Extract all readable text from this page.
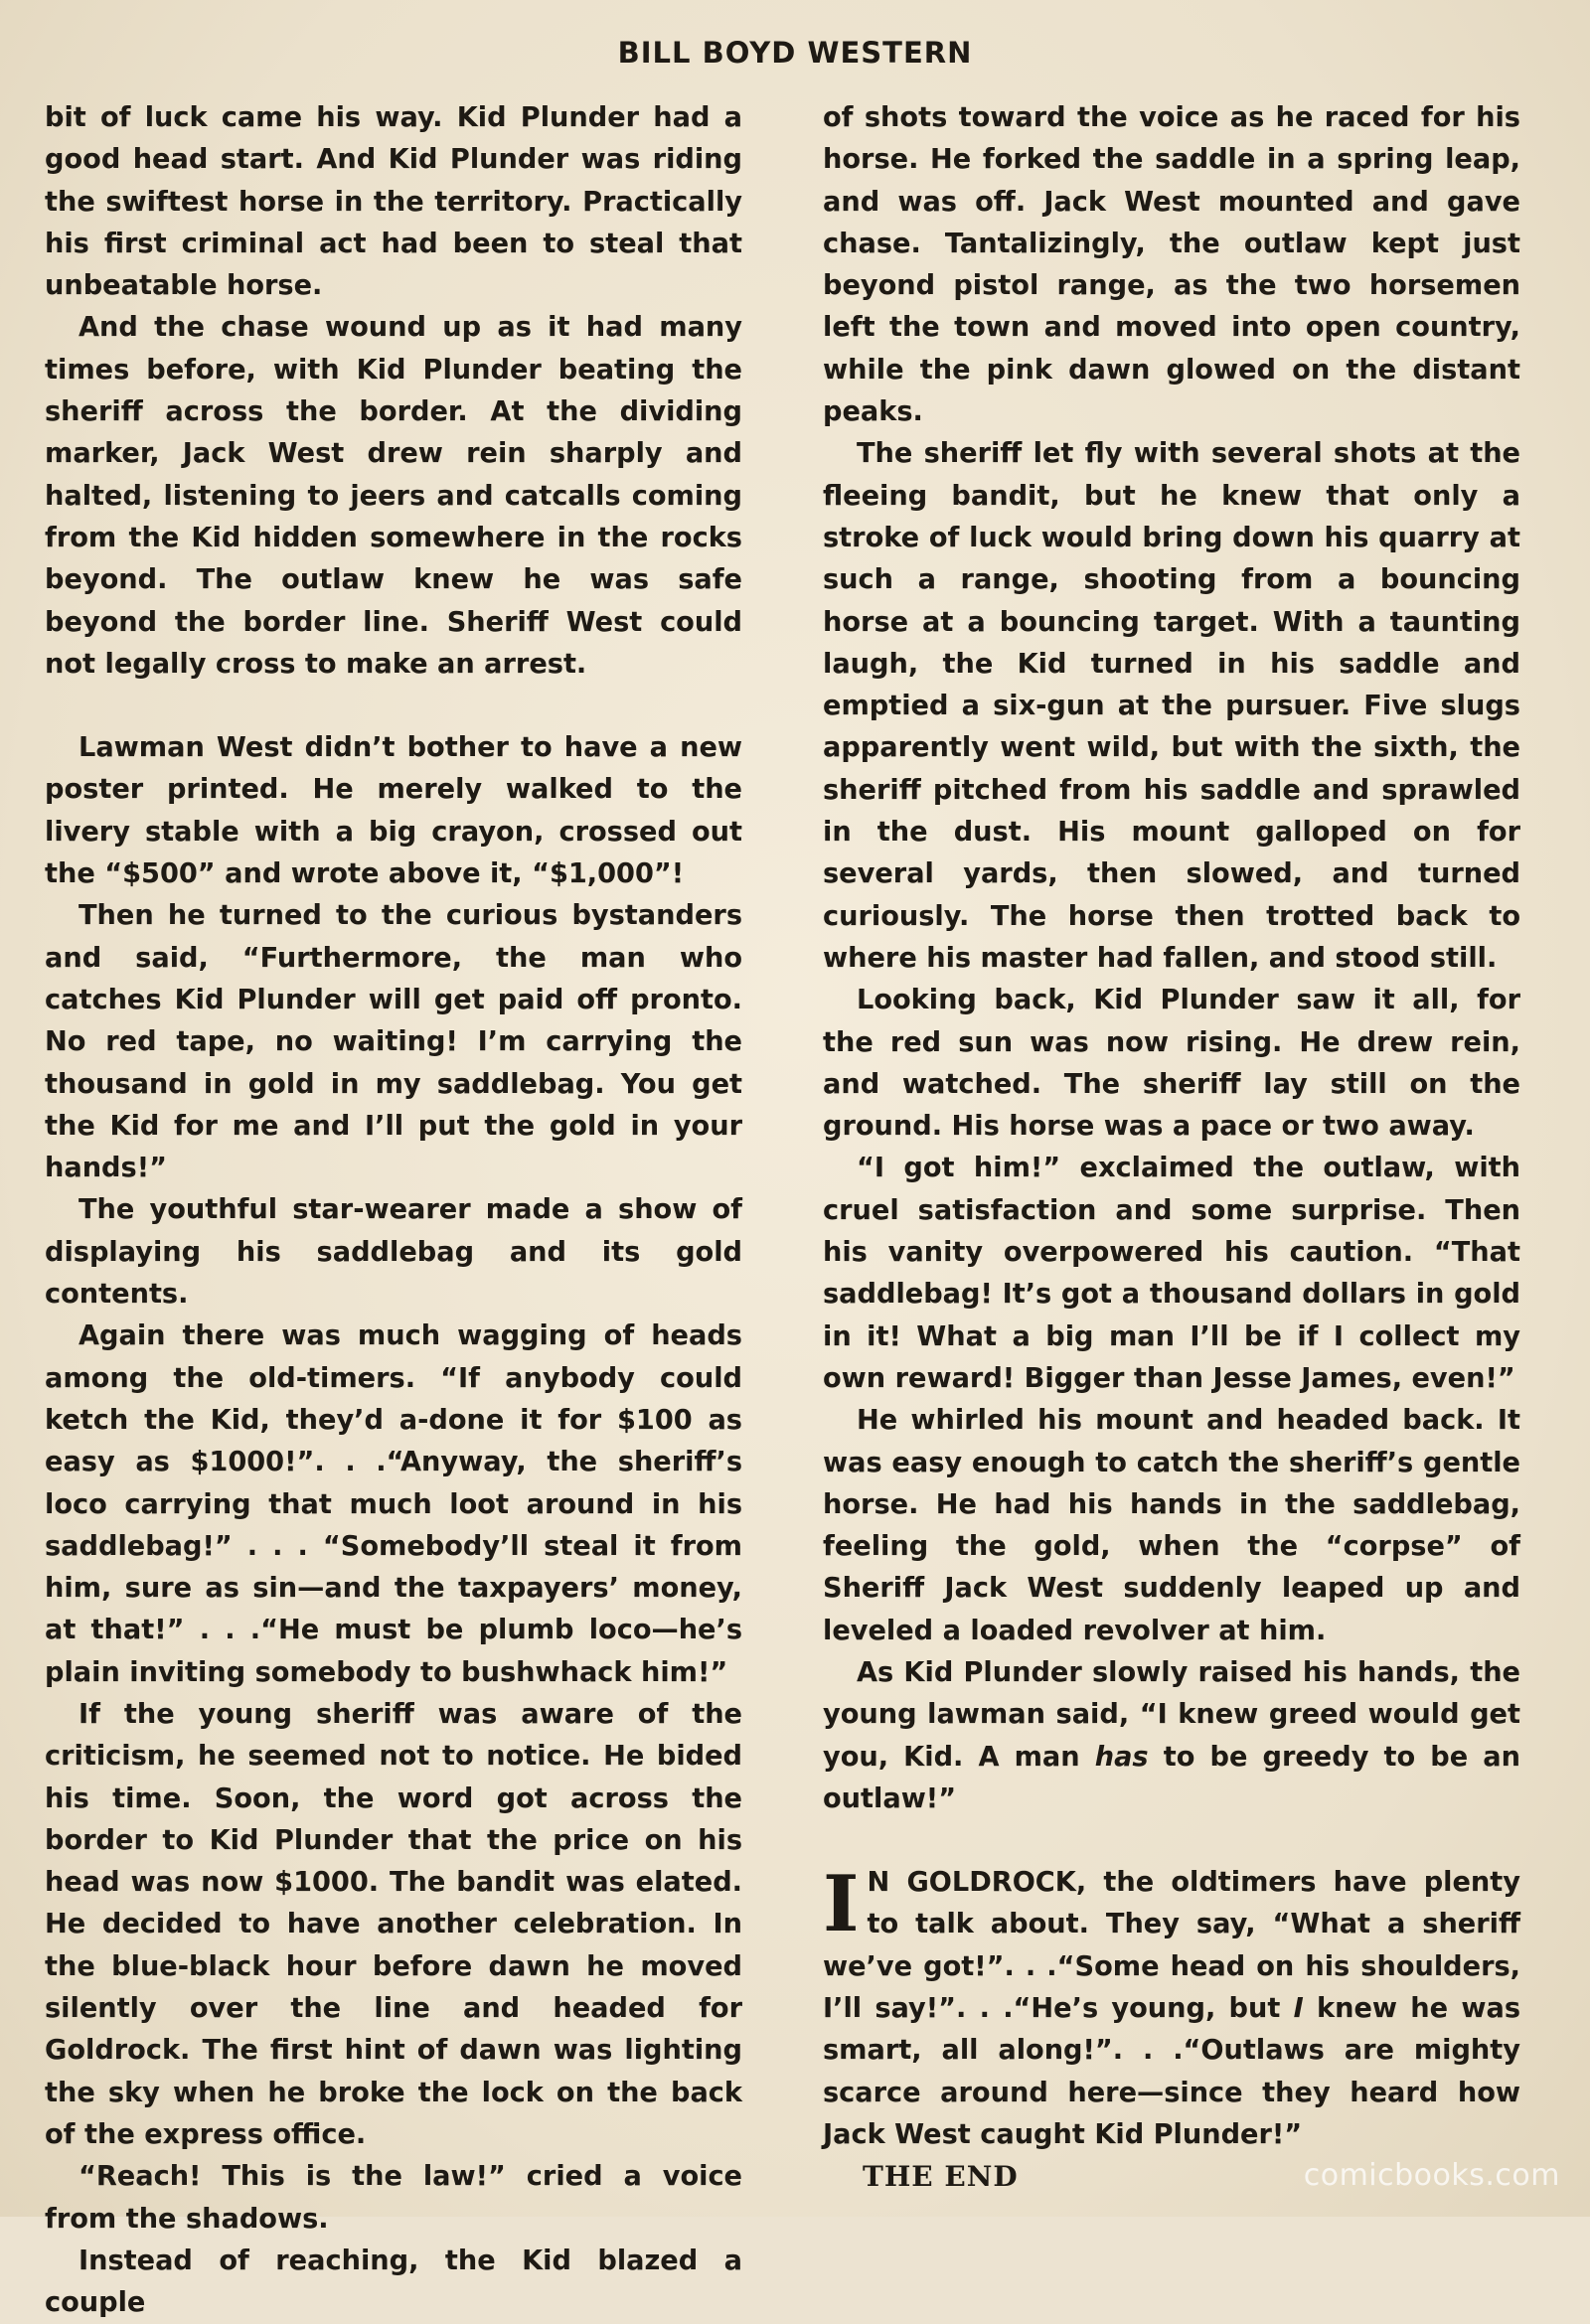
BILL BOYD WESTERN

bit of luck came his way. Kid Plunder had a good head start. And Kid Plunder was riding the swiftest horse in the territory. Practically his first criminal act had been to steal that unbeatable horse.

And the chase wound up as it had many times before, with Kid Plunder beating the sheriff across the border. At the dividing marker, Jack West drew rein sharply and halted, listening to jeers and catcalls coming from the Kid hidden somewhere in the rocks beyond. The outlaw knew he was safe beyond the border line. Sheriff West could not legally cross to make an arrest.

Lawman West didn’t bother to have a new poster printed. He merely walked to the livery stable with a big crayon, crossed out the “$500” and wrote above it, “$1,000”!

Then he turned to the curious bystanders and said, “Furthermore, the man who catches Kid Plunder will get paid off pronto. No red tape, no waiting! I’m carrying the thousand in gold in my saddlebag. You get the Kid for me and I’ll put the gold in your hands!”

The youthful star-wearer made a show of displaying his saddlebag and its gold contents.

Again there was much wagging of heads among the old-timers. “If anybody could ketch the Kid, they’d a-done it for $100 as easy as $1000!”. . .“Anyway, the sheriff’s loco carrying that much loot around in his saddlebag!” . . . “Somebody’ll steal it from him, sure as sin—and the taxpayers’ money, at that!” . . .“He must be plumb loco—he’s plain inviting somebody to bushwhack him!”

If the young sheriff was aware of the criticism, he seemed not to notice. He bided his time. Soon, the word got across the border to Kid Plunder that the price on his head was now $1000. The bandit was elated. He decided to have another celebration. In the blue-black hour before dawn he moved silently over the line and headed for Goldrock. The first hint of dawn was lighting the sky when he broke the lock on the back of the express office.

“Reach! This is the law!” cried a voice from the shadows.

Instead of reaching, the Kid blazed a couple

of shots toward the voice as he raced for his horse. He forked the saddle in a spring leap, and was off. Jack West mounted and gave chase. Tantalizingly, the outlaw kept just beyond pistol range, as the two horsemen left the town and moved into open country, while the pink dawn glowed on the distant peaks.

The sheriff let fly with several shots at the fleeing bandit, but he knew that only a stroke of luck would bring down his quarry at such a range, shooting from a bouncing horse at a bouncing target. With a taunting laugh, the Kid turned in his saddle and emptied a six-gun at the pursuer. Five slugs apparently went wild, but with the sixth, the sheriff pitched from his saddle and sprawled in the dust. His mount galloped on for several yards, then slowed, and turned curiously. The horse then trotted back to where his master had fallen, and stood still.

Looking back, Kid Plunder saw it all, for the red sun was now rising. He drew rein, and watched. The sheriff lay still on the ground. His horse was a pace or two away.

“I got him!” exclaimed the outlaw, with cruel satisfaction and some surprise. Then his vanity overpowered his caution. “That saddlebag! It’s got a thousand dollars in gold in it! What a big man I’ll be if I collect my own reward! Bigger than Jesse James, even!”

He whirled his mount and headed back. It was easy enough to catch the sheriff’s gentle horse. He had his hands in the saddlebag, feeling the gold, when the “corpse” of Sheriff Jack West suddenly leaped up and leveled a loaded revolver at him.

As Kid Plunder slowly raised his hands, the young lawman said, “I knew greed would get you, Kid. A man has to be greedy to be an outlaw!”

I N GOLDROCK, the oldtimers have plenty to talk about. They say, “What a sheriff we’ve got!”. . .“Some head on his shoulders, I’ll say!”. . .“He’s young, but I knew he was smart, all along!”. . .“Outlaws are mighty scarce around here—since they heard how Jack West caught Kid Plunder!”

THE END	comicbooks.com
